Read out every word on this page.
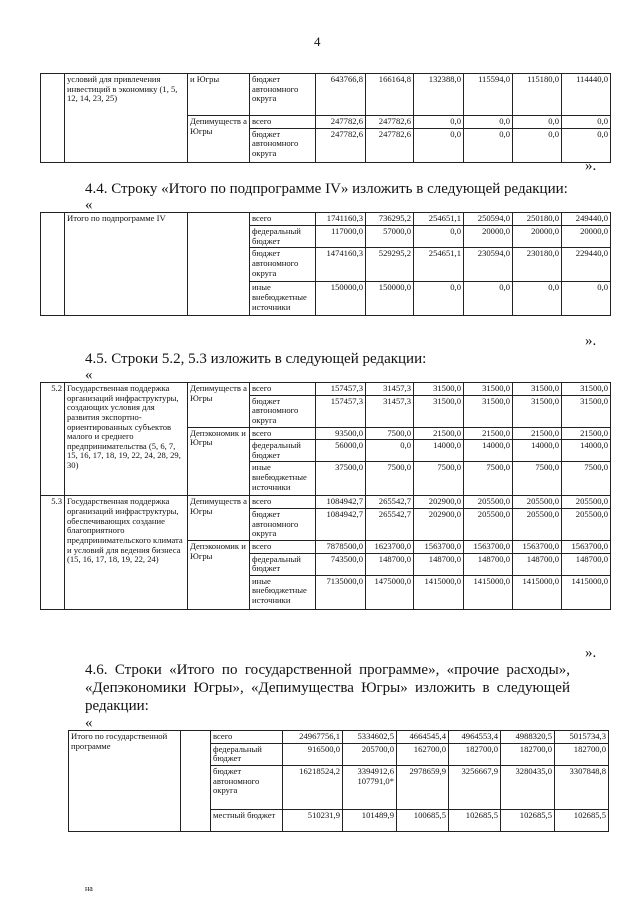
4
	условий для привлечения инвестиций в экономику (1, 5, 12, 14, 23, 25)	и Югры	бюджет автономного округа	643766,8	166164,8	132388,0	115594,0	115180,0	114440,0
		Депимуществ а Югры	всего	247782,6	247782,6	0,0	0,0	0,0	0,0
			бюджет автономного округа	247782,6	247782,6	0,0	0,0	0,0	0,0
».
4.4. Строку «Итого по подпрограмме IV» изложить в следующей редакции:
«
	Итого по подпрограмме IV		всего	1741160,3	736295,2	254651,1	250594,0	250180,0	249440,0
			федеральный бюджет	117000,0	57000,0	0,0	20000,0	20000,0	20000,0
			бюджет автономного округа	1474160,3	529295,2	254651,1	230594,0	230180,0	229440,0
			иные внебюджетные источники	150000,0	150000,0	0,0	0,0	0,0	0,0
».
4.5. Строки 5.2, 5.3 изложить в следующей редакции:
«
5.2	Государственная поддержка организаций инфраструктуры, создающих условия для развития экспортно-ориентированных субъектов малого и среднего предпринимательства (5, 6, 7, 15, 16, 17, 18, 19, 22, 24, 28, 29, 30)	Депимуществ а Югры	всего	157457,3	31457,3	31500,0	31500,0	31500,0	31500,0
			бюджет автономного округа	157457,3	31457,3	31500,0	31500,0	31500,0	31500,0
		Депэкономик и Югры	всего	93500,0	7500,0	21500,0	21500,0	21500,0	21500,0
			федеральный бюджет	56000,0	0,0	14000,0	14000,0	14000,0	14000,0
			иные внебюджетные источники	37500,0	7500,0	7500,0	7500,0	7500,0	7500,0
5.3	Государственная поддержка организаций инфраструктуры, обеспечивающих создание благоприятного предпринимательского климата и условий для ведения бизнеса (15, 16, 17, 18, 19, 22, 24)	Депимуществ а Югры	всего	1084942,7	265542,7	202900,0	205500,0	205500,0	205500,0
			бюджет автономного округа	1084942,7	265542,7	202900,0	205500,0	205500,0	205500,0
		Депэкономик и Югры	всего	7878500,0	1623700,0	1563700,0	1563700,0	1563700,0	1563700,0
			федеральный бюджет	743500,0	148700,0	148700,0	148700,0	148700,0	148700,0
			иные внебюджетные источники	7135000,0	1475000,0	1415000,0	1415000,0	1415000,0	1415000,0
».
4.6. Строки «Итого по государственной программе», «прочие расходы», «Депэкономики Югры», «Депимущества Югры» изложить в следующей редакции:
«
Итого по государственной программе		всего	24967756,1	5334602,5	4664545,4	4964553,4	4988320,5	5015734,3
		федеральный бюджет	916500,0	205700,0	162700,0	182700,0	182700,0	182700,0
		бюджет автономного округа	16218524,2	3394912,6 107791,0*	2978659,9	3256667,9	3280435,0	3307848,8
		местный бюджет	510231,9	101489,9	100685,5	102685,5	102685,5	102685,5
на
